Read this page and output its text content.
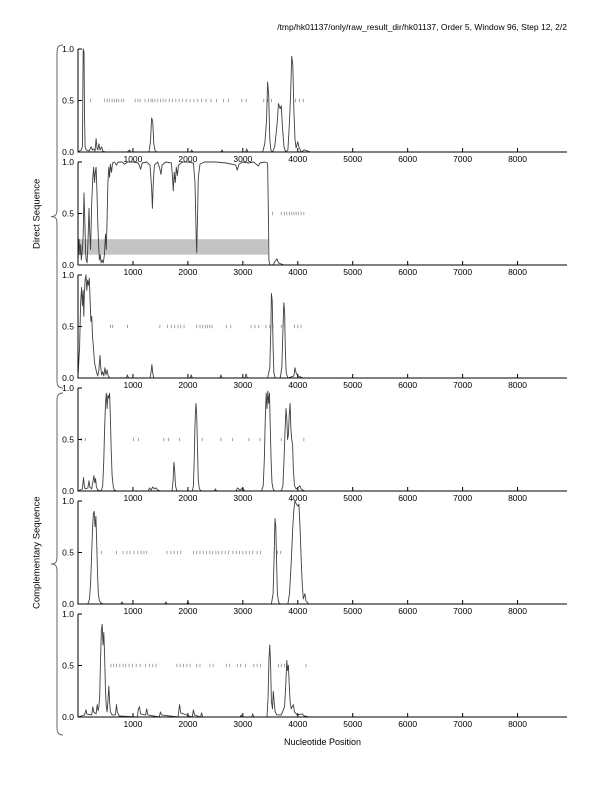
/tmp/hk01137/only/raw_result_dir/hk01137, Order 5, Window 96, Step 12, 2/2
Direct Sequence
Complementary Sequence
0.0
0.5
1.0
1000	2000	3000	4000	5000	6000	7000	8000
0.0
0.5
1.0
1000	2000	3000	4000	5000	6000	7000	8000
0.0
0.5
1.0
1000	2000	3000	4000	5000	6000	7000	8000
0.0
0.5
1.0
1000	2000	3000	4000	5000	6000	7000	8000
0.0
0.5
1.0
1000	2000	3000	4000	5000	6000	7000	8000
0.0
0.5
1.0
1000	2000	3000	4000	5000	6000	7000	8000
Nucleotide Position
